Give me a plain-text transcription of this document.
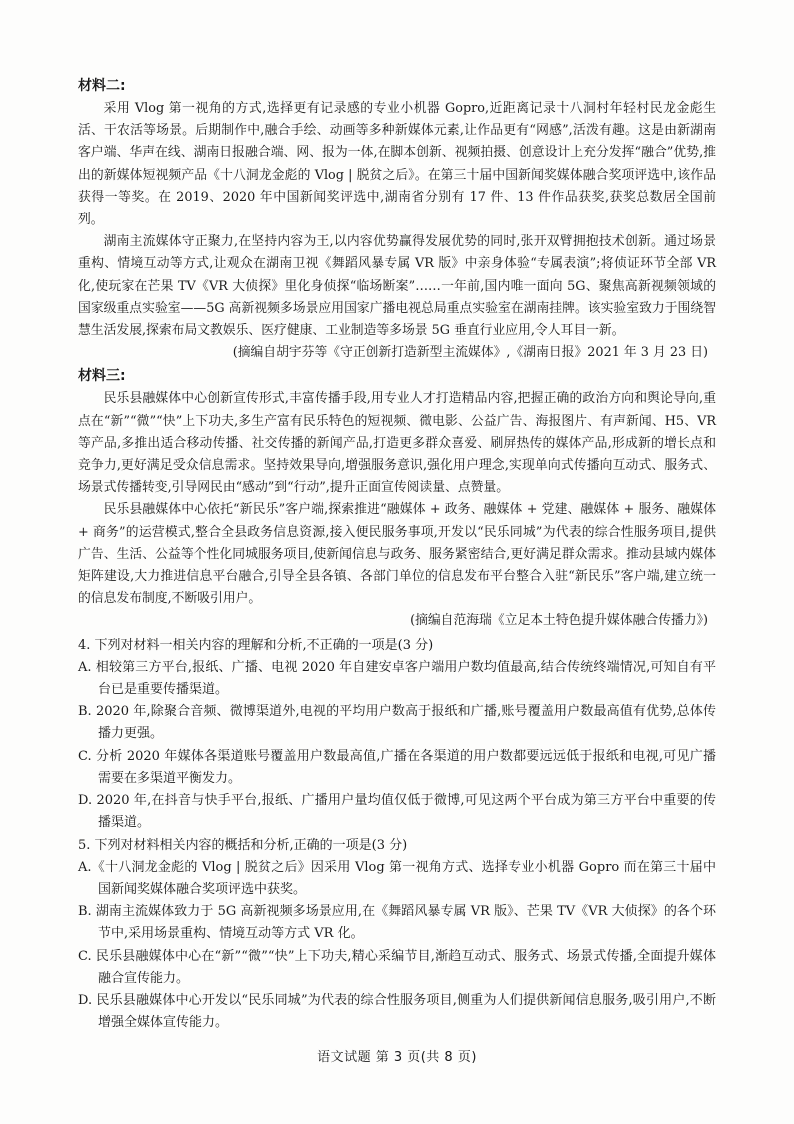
材料二:

采用 Vlog 第一视角的方式,选择更有记录感的专业小机器 Gopro,近距离记录十八洞村年轻村民龙金彪生活、干农活等场景。后期制作中,融合手绘、动画等多种新媒体元素,让作品更有“网感”,活泼有趣。这是由新湖南客户端、华声在线、湖南日报融合端、网、报为一体,在脚本创新、视频拍摄、创意设计上充分发挥“融合”优势,推出的新媒体短视频产品《十八洞龙金彪的 Vlog | 脱贫之后》。在第三十届中国新闻奖媒体融合奖项评选中,该作品获得一等奖。在 2019、2020 年中国新闻奖评选中,湖南省分别有 17 件、13 件作品获奖,获奖总数居全国前列。

湖南主流媒体守正聚力,在坚持内容为王,以内容优势赢得发展优势的同时,张开双臂拥抱技术创新。通过场景重构、情境互动等方式,让观众在湖南卫视《舞蹈风暴专属 VR 版》中亲身体验“专属表演”;将侦证环节全部 VR 化,使玩家在芒果 TV《VR 大侦探》里化身侦探“临场断案”……一年前,国内唯一面向 5G、聚焦高新视频领域的国家级重点实验室——5G 高新视频多场景应用国家广播电视总局重点实验室在湖南挂牌。该实验室致力于围绕智慧生活发展,探索布局文教娱乐、医疗健康、工业制造等多场景 5G 垂直行业应用,令人耳目一新。

(摘编自胡宇芬等《守正创新打造新型主流媒体》,《湖南日报》2021 年 3 月 23 日)

材料三:

民乐县融媒体中心创新宣传形式,丰富传播手段,用专业人才打造精品内容,把握正确的政治方向和舆论导向,重点在“新”“微”“快”上下功夫,多生产富有民乐特色的短视频、微电影、公益广告、海报图片、有声新闻、H5、VR 等产品,多推出适合移动传播、社交传播的新闻产品,打造更多群众喜爱、刷屏热传的媒体产品,形成新的增长点和竞争力,更好满足受众信息需求。坚持效果导向,增强服务意识,强化用户理念,实现单向式传播向互动式、服务式、场景式传播转变,引导网民由“感动”到“行动”,提升正面宣传阅读量、点赞量。

民乐县融媒体中心依托“新民乐”客户端,探索推进“融媒体 + 政务、融媒体 + 党建、融媒体 + 服务、融媒体 + 商务”的运营模式,整合全县政务信息资源,接入便民服务事项,开发以“民乐同城”为代表的综合性服务项目,提供广告、生活、公益等个性化同城服务项目,使新闻信息与政务、服务紧密结合,更好满足群众需求。推动县域内媒体矩阵建设,大力推进信息平台融合,引导全县各镇、各部门单位的信息发布平台整合入驻“新民乐”客户端,建立统一的信息发布制度,不断吸引用户。

(摘编自范海瑞《立足本土特色提升媒体融合传播力》)

4. 下列对材料一相关内容的理解和分析,不正确的一项是(3 分)

A. 相较第三方平台,报纸、广播、电视 2020 年自建安卓客户端用户数均值最高,结合传统终端情况,可知自有平台已是重要传播渠道。

B. 2020 年,除聚合音频、微博渠道外,电视的平均用户数高于报纸和广播,账号覆盖用户数最高值有优势,总体传播力更强。

C. 分析 2020 年媒体各渠道账号覆盖用户数最高值,广播在各渠道的用户数都要远远低于报纸和电视,可见广播需要在多渠道平衡发力。

D. 2020 年,在抖音与快手平台,报纸、广播用户量均值仅低于微博,可见这两个平台成为第三方平台中重要的传播渠道。

5. 下列对材料相关内容的概括和分析,正确的一项是(3 分)

A.《十八洞龙金彪的 Vlog | 脱贫之后》因采用 Vlog 第一视角方式、选择专业小机器 Gopro 而在第三十届中国新闻奖媒体融合奖项评选中获奖。

B. 湖南主流媒体致力于 5G 高新视频多场景应用,在《舞蹈风暴专属 VR 版》、芒果 TV《VR 大侦探》的各个环节中,采用场景重构、情境互动等方式 VR 化。

C. 民乐县融媒体中心在“新”“微”“快”上下功夫,精心采编节目,渐趋互动式、服务式、场景式传播,全面提升媒体融合宣传能力。

D. 民乐县融媒体中心开发以“民乐同城”为代表的综合性服务项目,侧重为人们提供新闻信息服务,吸引用户,不断增强全媒体宣传能力。

语文试题 第 3 页(共 8 页)
